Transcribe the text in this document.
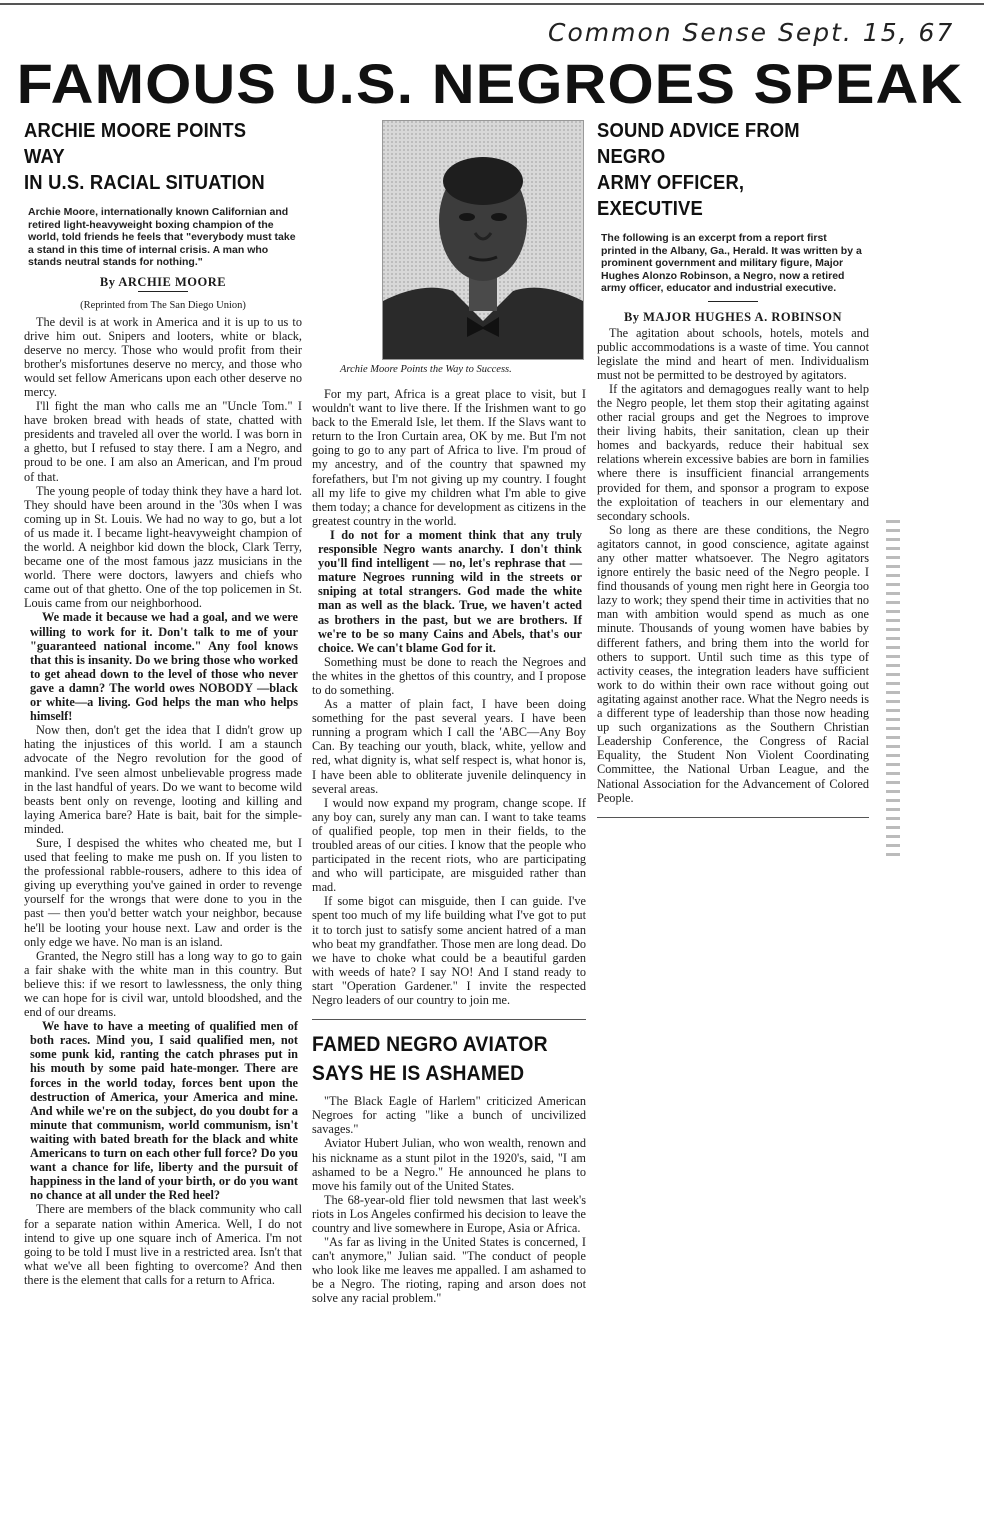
Common Sense Sept. 15, 67
FAMOUS U.S. NEGROES SPEAK
ARCHIE MOORE POINTS WAY
IN U.S. RACIAL SITUATION
Archie Moore, internationally known Californian and retired light-heavyweight boxing champion of the world, told friends he feels that "everybody must take a stand in this time of internal crisis. A man who stands neutral stands for nothing."
By ARCHIE MOORE
(Reprinted from The San Diego Union)

The devil is at work in America and it is up to us to drive him out. Snipers and looters, white or black, deserve no mercy. Those who would profit from their brother's misfortunes deserve no mercy, and those who would set fellow Americans upon each other deserve no mercy.

I'll fight the man who calls me an "Uncle Tom." I have broken bread with heads of state, chatted with presidents and traveled all over the world. I was born in a ghetto, but I refused to stay there. I am a Negro, and proud to be one. I am also an American, and I'm proud of that.

The young people of today think they have a hard lot. They should have been around in the '30s when I was coming up in St. Louis. We had no way to go, but a lot of us made it. I became light-heavyweight champion of the world. A neighbor kid down the block, Clark Terry, became one of the most famous jazz musicians in the world. There were doctors, lawyers and chiefs who came out of that ghetto. One of the top policemen in St. Louis came from our neighborhood.

We made it because we had a goal, and we were willing to work for it. Don't talk to me of your "guaranteed national income." Any fool knows that this is insanity. Do we bring those who worked to get ahead down to the level of those who never gave a damn? The world owes NOBODY —black or white—a living. God helps the man who helps himself!

Now then, don't get the idea that I didn't grow up hating the injustices of this world. I am a staunch advocate of the Negro revolution for the good of mankind. I've seen almost unbelievable progress made in the last handful of years. Do we want to become wild beasts bent only on revenge, looting and killing and laying America bare? Hate is bait, bait for the simple-minded.

Sure, I despised the whites who cheated me, but I used that feeling to make me push on. If you listen to the professional rabble-rousers, adhere to this idea of giving up everything you've gained in order to revenge yourself for the wrongs that were done to you in the past — then you'd better watch your neighbor, because he'll be looting your house next. Law and order is the only edge we have. No man is an island.

Granted, the Negro still has a long way to go to gain a fair shake with the white man in this country. But believe this: if we resort to lawlessness, the only thing we can hope for is civil war, untold bloodshed, and the end of our dreams.

We have to have a meeting of qualified men of both races. Mind you, I said qualified men, not some punk kid, ranting the catch phrases put in his mouth by some paid hate-monger. There are forces in the world today, forces bent upon the destruction of America, your America and mine. And while we're on the subject, do you doubt for a minute that communism, world communism, isn't waiting with bated breath for the black and white Americans to turn on each other full force? Do you want a chance for life, liberty and the pursuit of happiness in the land of your birth, or do you want no chance at all under the Red heel?

There are members of the black community who call for a separate nation within America. Well, I do not intend to give up one square inch of America. I'm not going to be told I must live in a restricted area. Isn't that what we've all been fighting to overcome? And then there is the element that calls for a return to Africa.

Archie Moore Points the Way to Success.

For my part, Africa is a great place to visit, but I wouldn't want to live there. If the Irishmen want to go back to the Emerald Isle, let them. If the Slavs want to return to the Iron Curtain area, OK by me. But I'm not going to go to any part of Africa to live. I'm proud of my ancestry, and of the country that spawned my forefathers, but I'm not giving up my country. I fought all my life to give my children what I'm able to give them today; a chance for development as citizens in the greatest country in the world.

I do not for a moment think that any truly responsible Negro wants anarchy. I don't think you'll find intelligent — no, let's rephrase that — mature Negroes running wild in the streets or sniping at total strangers. God made the white man as well as the black. True, we haven't acted as brothers in the past, but we are brothers. If we're to be so many Cains and Abels, that's our choice. We can't blame God for it.

Something must be done to reach the Negroes and the whites in the ghettos of this country, and I propose to do something.

As a matter of plain fact, I have been doing something for the past several years. I have been running a program which I call the 'ABC—Any Boy Can. By teaching our youth, black, white, yellow and red, what dignity is, what self respect is, what honor is, I have been able to obliterate juvenile delinquency in several areas.

I would now expand my program, change scope. If any boy can, surely any man can. I want to take teams of qualified people, top men in their fields, to the troubled areas of our cities. I know that the people who participated in the recent riots, who are participating and who will participate, are misguided rather than mad.

If some bigot can misguide, then I can guide. I've spent too much of my life building what I've got to put it to torch just to satisfy some ancient hatred of a man who beat my grandfather. Those men are long dead. Do we have to choke what could be a beautiful garden with weeds of hate? I say NO! And I stand ready to start "Operation Gardener." I invite the respected Negro leaders of our country to join me.

FAMED NEGRO AVIATOR
SAYS HE IS ASHAMED

"The Black Eagle of Harlem" criticized American Negroes for acting "like a bunch of uncivilized savages."

Aviator Hubert Julian, who won wealth, renown and his nickname as a stunt pilot in the 1920's, said, "I am ashamed to be a Negro." He announced he plans to move his family out of the United States.

The 68-year-old flier told newsmen that last week's riots in Los Angeles confirmed his decision to leave the country and live somewhere in Europe, Asia or Africa.

"As far as living in the United States is concerned, I can't anymore," Julian said. "The conduct of people who look like me leaves me appalled. I am ashamed to be a Negro. The rioting, raping and arson does not solve any racial problem."

SOUND ADVICE FROM NEGRO
ARMY OFFICER, EXECUTIVE
The following is an excerpt from a report first printed in the Albany, Ga., Herald. It was written by a prominent government and military figure, Major Hughes Alonzo Robinson, a Negro, now a retired army officer, educator and industrial executive.
By MAJOR HUGHES A. ROBINSON

The agitation about schools, hotels, motels and public accommodations is a waste of time. You cannot legislate the mind and heart of men. Individualism must not be permitted to be destroyed by agitators.

If the agitators and demagogues really want to help the Negro people, let them stop their agitating against other racial groups and get the Negroes to improve their living habits, their sanitation, clean up their homes and backyards, reduce their habitual sex relations wherein excessive babies are born in families where there is insufficient financial arrangements provided for them, and sponsor a program to expose the exploitation of teachers in our elementary and secondary schools.

So long as there are these conditions, the Negro agitators cannot, in good conscience, agitate against any other matter whatsoever. The Negro agitators ignore entirely the basic need of the Negro people. I find thousands of young men right here in Georgia too lazy to work; they spend their time in activities that no man with ambition would spend as much as one minute. Thousands of young women have babies by different fathers, and bring them into the world for others to support. Until such time as this type of activity ceases, the integration leaders have sufficient work to do within their own race without going out agitating against another race. What the Negro needs is a different type of leadership than those now heading up such organizations as the Southern Christian Leadership Conference, the Congress of Racial Equality, the Student Non Violent Coordinating Committee, the National Urban League, and the National Association for the Advancement of Colored People.
